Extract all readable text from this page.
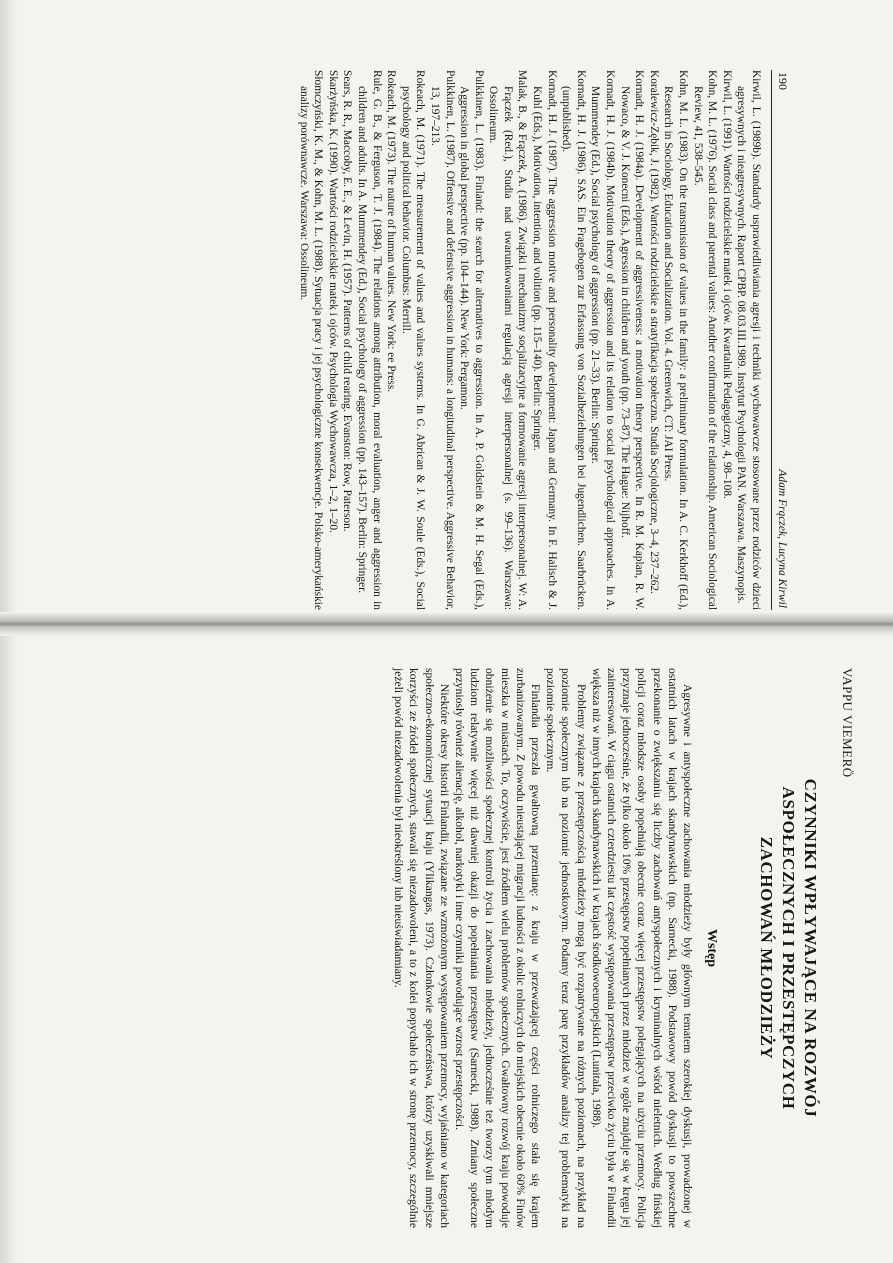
190
Adam Frączek, Lucyna Kirwil

Kirwil, L. (1989b). Standardy usprawiedliwiania agresji i techniki wychowawcze stosowane przez rodziców dzieci agresywnych i nieagresywnych. Raport CPBP. 08.03.III.1989. Instytut Psychologii PAN. Warszawa. Maszynopis.

Kirwil, L. (1991). Wartości rodzicielskie matek i ojców. Kwartalnik Pedagogiczny, 4, 98–108.

Kohn, M. L. (1976). Social class and parental values: Another confirmation of the relationship. American Sociological Review, 41, 538–545.

Kohn, M. L. (1983). On the transmission of values in the family: a preliminary formulation. In A. C. Kerkhoff (Ed.), Research in Sociology, Education and Socialization. Vol. 4. Greenwich, CT: JAI Press.

Koralewicz-Zębik, J. (1982). Wartości rodzicielskie a stratyfikacja społeczna. Studia Socjologiczne, 3–4, 237–262.

Kornadt, H. J. (1984a). Development of aggressiveness: a motivation theory perspective. In R. M. Kaplan, R. W. Nowaco, & V. J. Konecni (Eds.), Agression in children and youth (pp. 73–87). The Hague: Nijhoff.

Kornadt, H. J. (1984b). Motivation theory of aggression and its relation to social psychological approaches. In A. Mummendey (Ed.), Social psychology of aggression (pp. 21–33). Berlin: Springer.

Kornadt, H. J. (1986). SAS. Ein Fragebogen zur Erfassung von Sozialbeziehungen bei Jugendlichen. Saarbrücken. (unpublished).

Kornadt, H. J. (1987). The aggression motive and personality development: Japan and Germany. In F. Halisch & J. Kuhl (Eds.), Motivation, intention, and volition (pp. 115–140). Berlin: Springer.

Malak, B., & Frączek, A. (1986). Związki i mechanizmy socjalizacyjne a formowanie agresji interpersonalnej. W: A. Frączek (Red.), Studia nad uwarunkowaniami regulacją agresji interpersonalnej (s. 99–136). Warszawa: Ossolineum.

Pulkkinen, L. (1983). Finland: the search for alternatives to aggression. In A. P. Goldstein & M. H. Segal (Eds.), Aggression in global perspective (pp. 104–144). New York: Pergamon.

Pulkkinen, L. (1987). Offensive and defensive aggression in humans: a longitudinal perspective. Aggressive Behavior, 13, 197–213.

Rokeach, M. (1971). The measurement of values and values systems. In G. Abrican & J. W. Soule (Eds.), Social psychology and political behavior. Columbus: Merrill.

Rokeach, M. (1973). The nature of human values. New York: ee Press.

Rule, G. B., & Ferguson, T. J. (1984). The relations among attribution, moral evaluation, anger and aggression in children and adults. In A. Mummendey (Ed.), Social psychology of aggression (pp. 143–157). Berlin: Springer.

Sears, R. R., Maccoby, E. E., & Levin, H. (1957). Patterns of child rearing. Evanston: Row, Paterson.

Skarżyńska, K. (1990). Wartości rodzicielskie matek i ojców. Psychologia Wychowawcza, 1–2, 1–20.

Słomczyński, K. M., & Kohn, M. L. (1988). Sytuacja pracy i jej psychologiczne konsekwencje. Polsko-amerykańskie analizy porównawcze. Warszawa: Ossolineum.

VAPPU VIEMERÖ

CZYNNIKI WPŁYWAJĄCE NA ROZWÓJ
ASPOŁECZNYCH I PRZESTĘPCZYCH
ZACHOWAŃ MŁODZIEŻY
Wstęp

Agresywne i antyspołeczne zachowania młodzieży były głównym tematem szerokiej dyskusji, prowadzonej w ostatnich latach w krajach skandynawskich (np. Sarnecki, 1988). Podstawowy powód dyskusji to powszechne przekonanie o zwiększaniu się liczby zachowań antyspołecznych i kryminalnych wśród nieletnich. Według fińskiej policji coraz młodsze osoby popełniają obecnie coraz więcej przestępstw polegających na użyciu przemocy. Policja przyznaje jednocześnie, że tylko około 10% przestępstw popełnianych przez młodzież w ogóle znajduje się w kręgu jej zainteresowań. W ciągu ostatnich czterdziestu lat częstość występowania przestępstw przeciwko życiu była w Finlandii większa niż w innych krajach skandynawskich i w krajach środkowoeuropejskich (Lunitala, 1988).

Problemy związane z przestępczością młodzieży mogą być rozpatrywane na różnych poziomach, na przykład na poziomie społecznym lub na poziomie jednostkowym. Podamy teraz parę przykładów analizy tej problematyki na poziomie społecznym.

Finlandia przeszła gwałtowną przemianę: z kraju w przeważającej części rolniczego stała się krajem zurbanizowanym. Z powodu nieustającej migracji ludności z okolic rolniczych do miejskich obecnie około 60% Finów mieszka w miastach. To, oczywiście, jest źródłem wielu problemów społecznych. Gwałtowny rozwój kraju powoduje obniżenie się możliwości społecznej kontroli życia i zachowania młodzieży, jednocześnie też tworzy tym młodym ludziom relatywnie więcej niż dawniej okazji do popełniania przestępstw (Sarnecki, 1988). Zmiany społeczne przyniosły również alienację, alkohol, narkotyki i inne czynniki powodujące wzrost przestępczości.

Niektóre okresy historii Finlandii, związane ze wzmożonym występowaniem przemocy, wyjaśniano w kategoriach społeczno-ekonomicznej sytuacji kraju (Ylikangas, 1973). Członkowie społeczeństwa, którzy uzyskiwali mniejsze korzyści ze źródeł społecznych, stawali się niezadowoleni, a to z kolei popychało ich w stronę przemocy, szczególnie jeżeli powód niezadowolenia był nieokreślony lub nieuświadamiany.
